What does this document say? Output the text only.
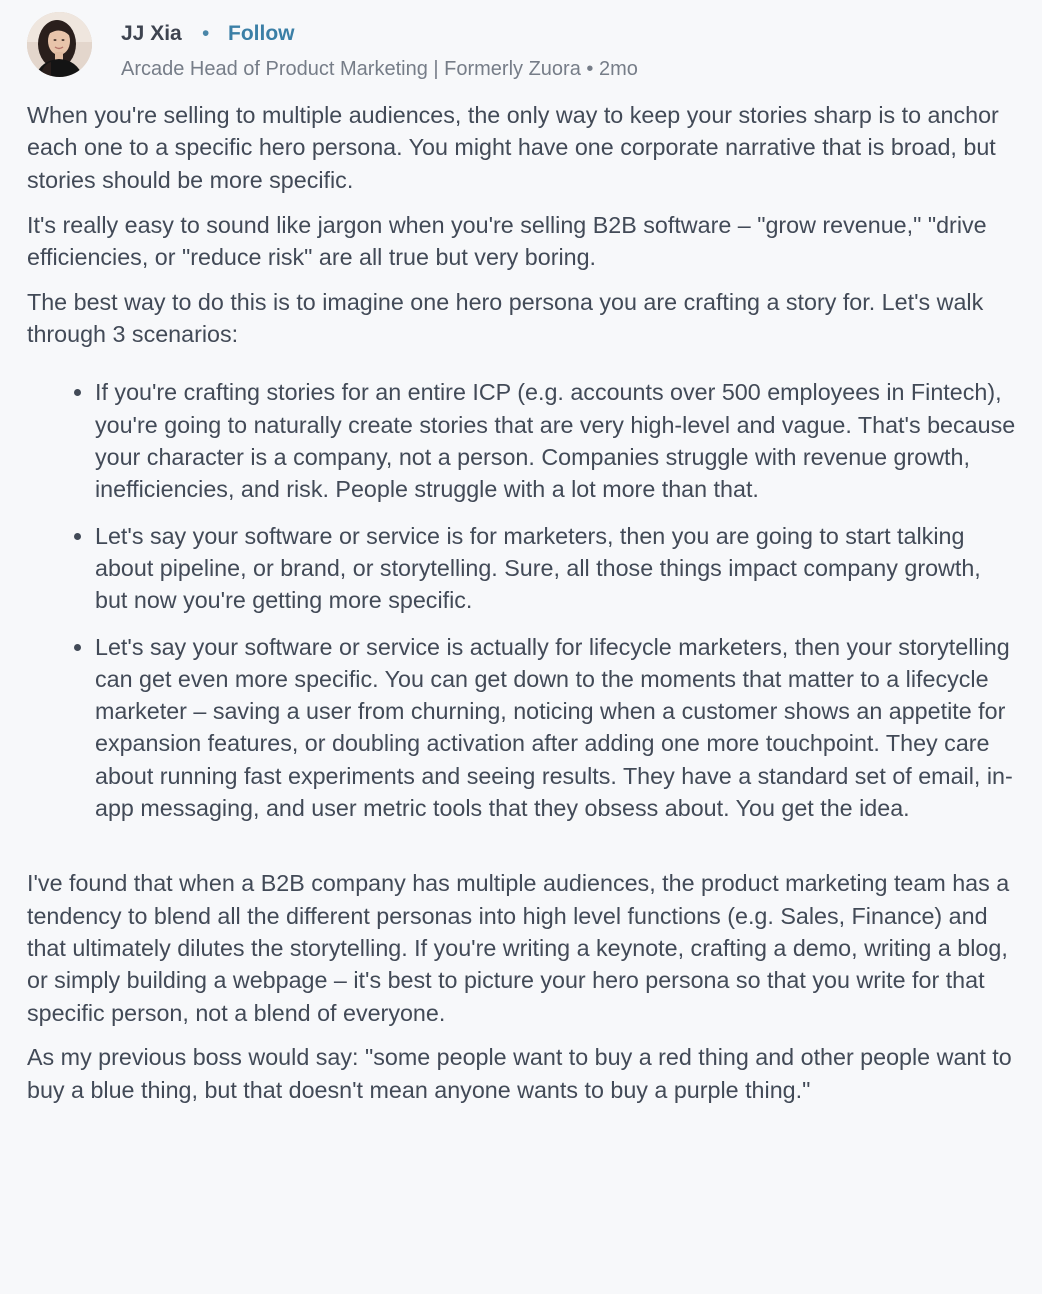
JJ Xia • Follow
Arcade Head of Product Marketing | Formerly Zuora • 2mo

When you're selling to multiple audiences, the only way to keep your stories sharp is to anchor each one to a specific hero persona. You might have one corporate narrative that is broad, but stories should be more specific.

It's really easy to sound like jargon when you're selling B2B software – "grow revenue," "drive efficiencies, or "reduce risk" are all true but very boring.

The best way to do this is to imagine one hero persona you are crafting a story for. Let's walk through 3 scenarios:

• If you're crafting stories for an entire ICP (e.g. accounts over 500 employees in Fintech), you're going to naturally create stories that are very high-level and vague. That's because your character is a company, not a person. Companies struggle with revenue growth, inefficiencies, and risk. People struggle with a lot more than that.
• Let's say your software or service is for marketers, then you are going to start talking about pipeline, or brand, or storytelling. Sure, all those things impact company growth, but now you're getting more specific.
• Let's say your software or service is actually for lifecycle marketers, then your storytelling can get even more specific. You can get down to the moments that matter to a lifecycle marketer – saving a user from churning, noticing when a customer shows an appetite for expansion features, or doubling activation after adding one more touchpoint. They care about running fast experiments and seeing results. They have a standard set of email, in-app messaging, and user metric tools that they obsess about. You get the idea.

I've found that when a B2B company has multiple audiences, the product marketing team has a tendency to blend all the different personas into high level functions (e.g. Sales, Finance) and that ultimately dilutes the storytelling. If you're writing a keynote, crafting a demo, writing a blog, or simply building a webpage – it's best to picture your hero persona so that you write for that specific person, not a blend of everyone.

As my previous boss would say: "some people want to buy a red thing and other people want to buy a blue thing, but that doesn't mean anyone wants to buy a purple thing."
